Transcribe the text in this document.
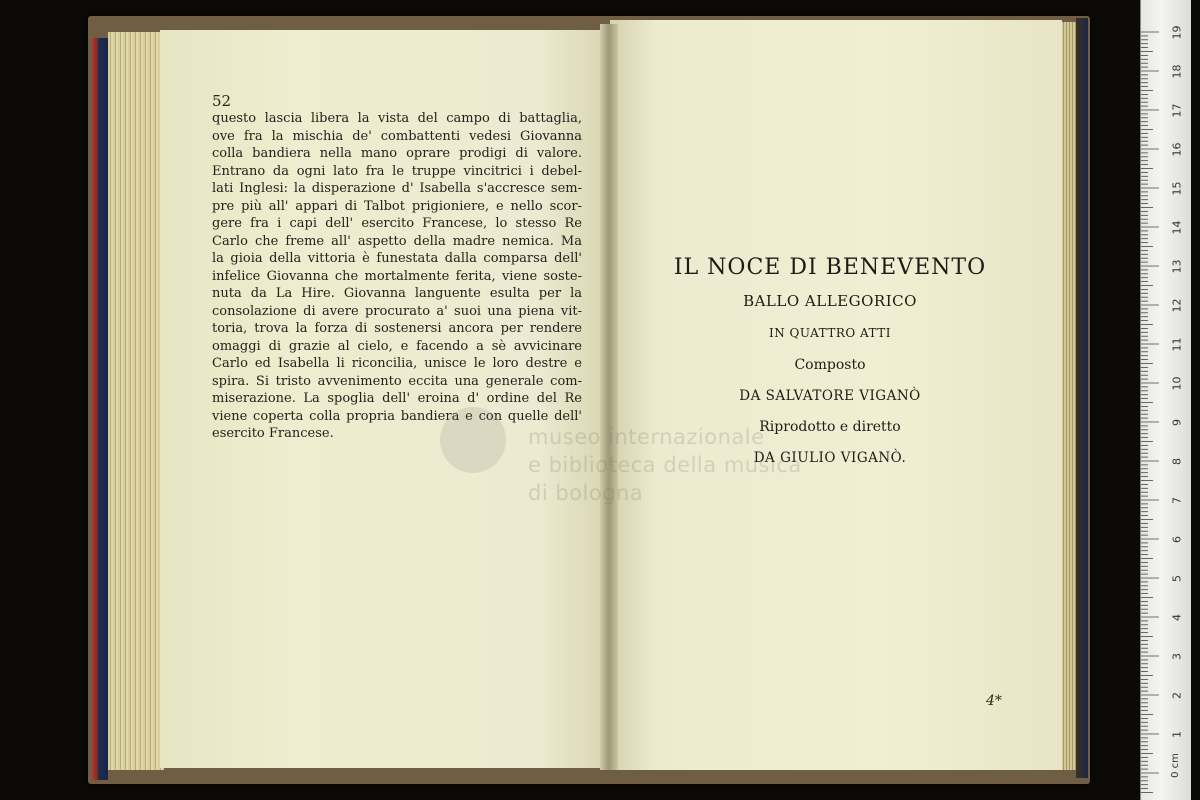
52
questo lascia libera la vista del campo di battaglia,
ove fra la mischia de' combattenti vedesi Giovanna
colla bandiera nella mano oprare prodigi di valore.
Entrano da ogni lato fra le truppe vincitrici i debel-
lati Inglesi: la disperazione d' Isabella s'accresce sem-
pre più all' appari di Talbot prigioniere, e nello scor-
gere fra i capi dell' esercito Francese, lo stesso Re
Carlo che freme all' aspetto della madre nemica. Ma
la gioia della vittoria è funestata dalla comparsa dell'
infelice Giovanna che mortalmente ferita, viene soste-
nuta da La Hire. Giovanna languente esulta per la
consolazione di avere procurato a' suoi una piena vit-
toria, trova la forza di sostenersi ancora per rendere
omaggi di grazie al cielo, e facendo a sè avvicinare
Carlo ed Isabella li riconcilia, unisce le loro destre e
spira. Si tristo avvenimento eccita una generale com-
miserazione. La spoglia dell' eroina d' ordine del Re
viene coperta colla propria bandiera e con quelle dell'
esercito Francese.
IL NOCE DI BENEVENTO
BALLO ALLEGORICO
IN QUATTRO ATTI
Composto
DA SALVATORE VIGANÒ
Riprodotto e diretto
DA GIULIO VIGANÒ.
4*
museo internazionale
e biblioteca della musica
di bologna
19
18
17
16
15
14
13
12
11
10
9
8
7
6
5
4
3
2
1
0 cm
